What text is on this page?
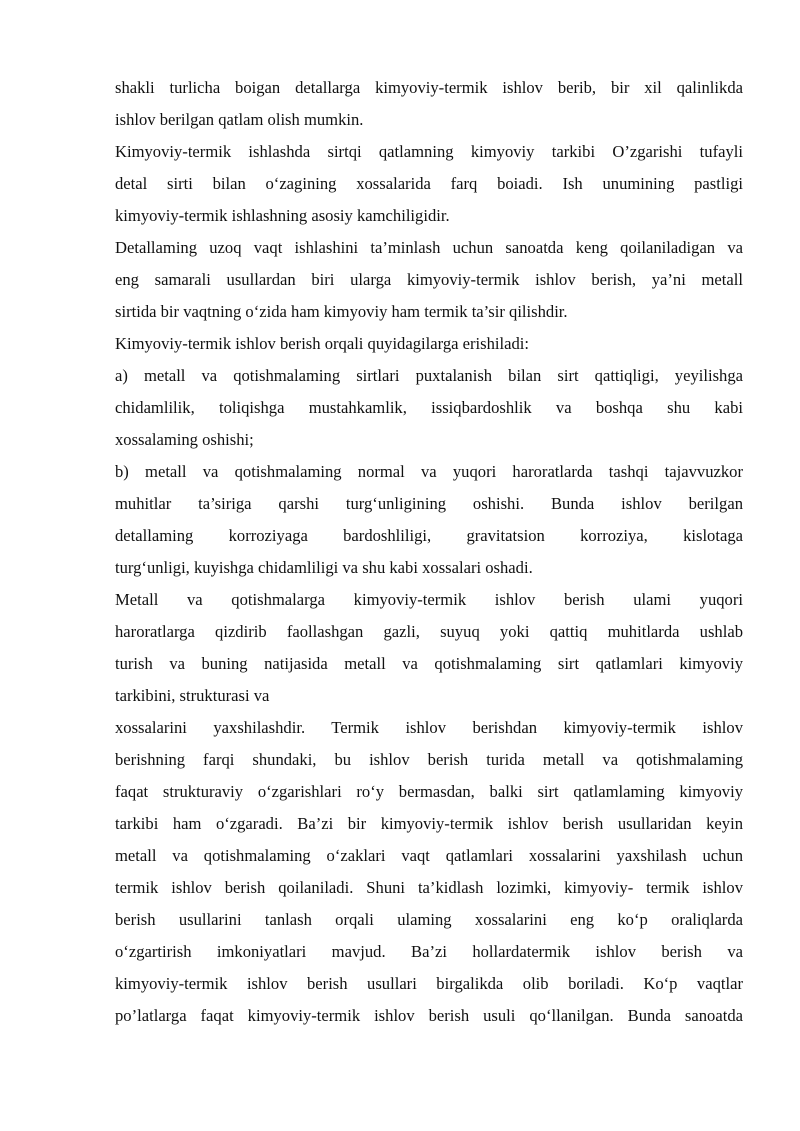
shakli turlicha boigan detallarga kimyoviy-termik ishlov berib, bir xil qalinlikda
ishlov berilgan qatlam olish mumkin.
Kimyoviy-termik ishlashda sirtqi qatlamning kimyoviy tarkibi O’zgarishi tufayli
detal sirti bilan o‘zagining xossalarida farq boiadi. Ish unumining pastligi
kimyoviy-termik ishlashning asosiy kamchiligidir.
Detallaming uzoq vaqt ishlashini ta’minlash uchun sanoatda keng qoilaniladigan va
eng samarali usullardan biri ularga kimyoviy-termik ishlov berish, ya’ni metall
sirtida bir vaqtning o‘zida ham kimyoviy ham termik ta’sir qilishdir.
Kimyoviy-termik ishlov berish orqali quyidagilarga erishiladi:
a) metall va qotishmalaming sirtlari puxtalanish bilan sirt qattiqligi, yeyilishga
chidamlilik, toliqishga mustahkamlik, issiqbardoshlik va boshqa shu kabi
xossalaming oshishi;
b) metall va qotishmalaming normal va yuqori haroratlarda tashqi tajavvuzkor
muhitlar ta’siriga qarshi turg‘unligining oshishi. Bunda ishlov berilgan
detallaming korroziyaga bardoshliligi, gravitatsion korroziya, kislotaga
turg‘unligi, kuyishga chidamliligi va shu kabi xossalari oshadi.
Metall va qotishmalarga kimyoviy-termik ishlov berish ulami yuqori
haroratlarga qizdirib faollashgan gazli, suyuq yoki qattiq muhitlarda ushlab
turish va buning natijasida metall va qotishmalaming sirt qatlamlari kimyoviy
tarkibini, strukturasi va
xossalarini yaxshilashdir. Termik ishlov berishdan kimyoviy-termik ishlov
berishning farqi shundaki, bu ishlov berish turida metall va qotishmalaming
faqat strukturaviy o‘zgarishlari ro‘y bermasdan, balki sirt qatlamlaming kimyoviy
tarkibi ham o‘zgaradi. Ba’zi bir kimyoviy-termik ishlov berish usullaridan keyin
metall va qotishmalaming o‘zaklari vaqt qatlamlari xossalarini yaxshilash uchun
termik ishlov berish qoilaniladi. Shuni ta’kidlash lozimki, kimyoviy- termik ishlov
berish usullarini tanlash orqali ulaming xossalarini eng ko‘p oraliqlarda
o‘zgartirish imkoniyatlari mavjud. Ba’zi hollardatermik ishlov berish va
kimyoviy-termik ishlov berish usullari birgalikda olib boriladi. Ko‘p vaqtlar
po’latlarga faqat kimyoviy-termik ishlov berish usuli qo‘llanilgan. Bunda sanoatda
